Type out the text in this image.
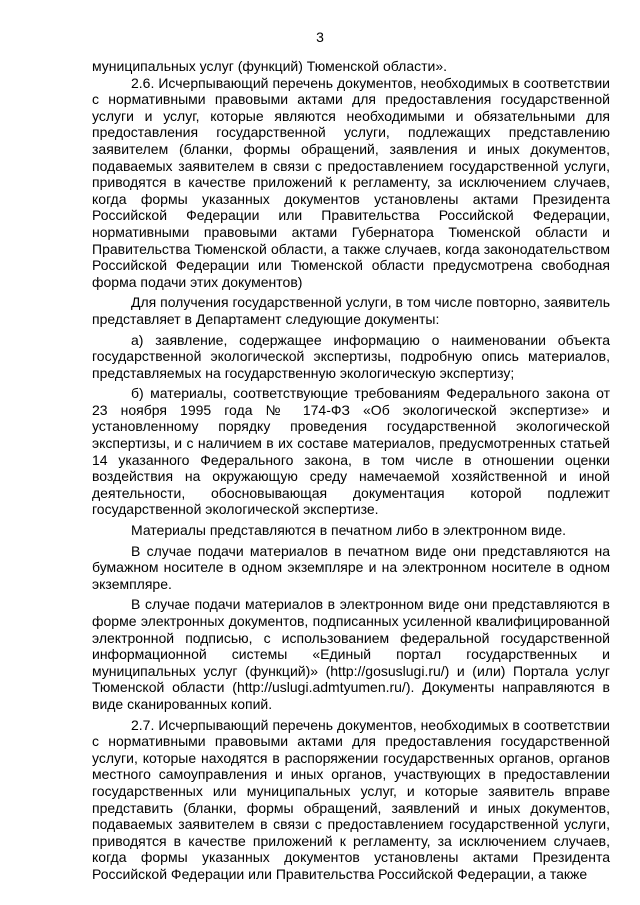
3

муниципальных услуг (функций) Тюменской области».

2.6. Исчерпывающий перечень документов, необходимых в соответствии с нормативными правовыми актами для предоставления государственной услуги и услуг, которые являются необходимыми и обязательными для предоставления государственной услуги, подлежащих представлению заявителем (бланки, формы обращений, заявления и иных документов, подаваемых заявителем в связи с предоставлением государственной услуги, приводятся в качестве приложений к регламенту, за исключением случаев, когда формы указанных документов установлены актами Президента Российской Федерации или Правительства Российской Федерации, нормативными правовыми актами Губернатора Тюменской области и Правительства Тюменской области, а также случаев, когда законодательством Российской Федерации или Тюменской области предусмотрена свободная форма подачи этих документов)

Для получения государственной услуги, в том числе повторно, заявитель представляет в Департамент следующие документы:

а) заявление, содержащее информацию о наименовании объекта государственной экологической экспертизы, подробную опись материалов, представляемых на государственную экологическую экспертизу;

б) материалы, соответствующие требованиям Федерального закона от 23 ноября 1995 года № 174-ФЗ «Об экологической экспертизе» и установленному порядку проведения государственной экологической экспертизы, и с наличием в их составе материалов, предусмотренных статьей 14 указанного Федерального закона, в том числе в отношении оценки воздействия на окружающую среду намечаемой хозяйственной и иной деятельности, обосновывающая документация которой подлежит государственной экологической экспертизе.

Материалы представляются в печатном либо в электронном виде.

В случае подачи материалов в печатном виде они представляются на бумажном носителе в одном экземпляре и на электронном носителе в одном экземпляре.

В случае подачи материалов в электронном виде они представляются в форме электронных документов, подписанных усиленной квалифицированной электронной подписью, с использованием федеральной государственной информационной системы «Единый портал государственных и муниципальных услуг (функций)» (http://gosuslugi.ru/) и (или) Портала услуг Тюменской области (http://uslugi.admtyumen.ru/). Документы направляются в виде сканированных копий.

2.7. Исчерпывающий перечень документов, необходимых в соответствии с нормативными правовыми актами для предоставления государственной услуги, которые находятся в распоряжении государственных органов, органов местного самоуправления и иных органов, участвующих в предоставлении государственных или муниципальных услуг, и которые заявитель вправе представить (бланки, формы обращений, заявлений и иных документов, подаваемых заявителем в связи с предоставлением государственной услуги, приводятся в качестве приложений к регламенту, за исключением случаев, когда формы указанных документов установлены актами Президента Российской Федерации или Правительства Российской Федерации, а также
